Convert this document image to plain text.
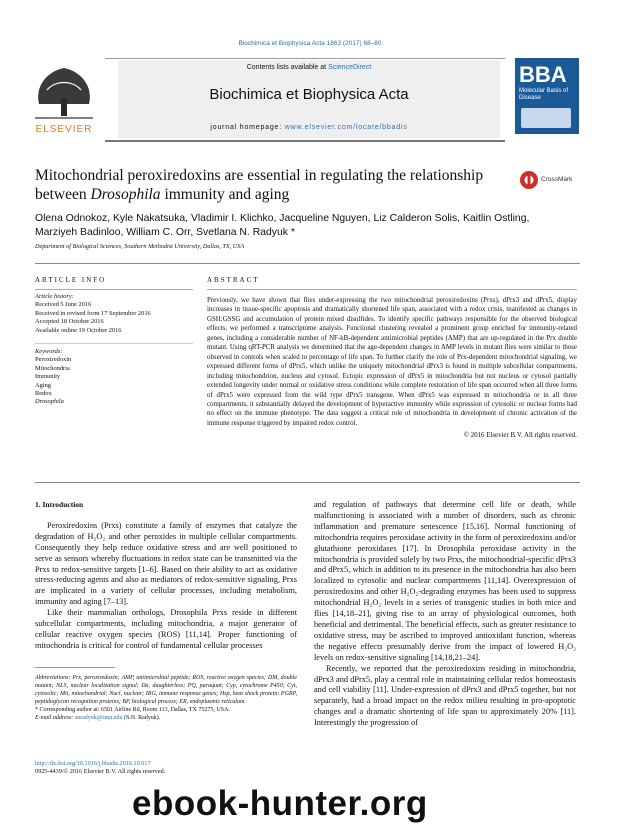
Biochimica et Biophysica Acta 1863 (2017) 68–80
ELSEVIER
Contents lists available at ScienceDirect
Biochimica et Biophysica Acta
journal homepage: www.elsevier.com/locate/bbadis
BBA
Molecular Basis of Disease
Mitochondrial peroxiredoxins are essential in regulating the relationship
between Drosophila immunity and aging
CrossMark
Olena Odnokoz, Kyle Nakatsuka, Vladimir I. Klichko, Jacqueline Nguyen, Liz Calderon Solis, Kaitlin Ostling,
Marziyeh Badinloo, William C. Orr, Svetlana N. Radyuk *
Department of Biological Sciences, Southern Methodist University, Dallas, TX, USA
ARTICLE INFO
Article history:
Received 5 June 2016
Received in revised form 17 September 2016
Accepted 18 October 2016
Available online 19 October 2016
Keywords:
Peroxiredoxin
Mitochondria
Immunity
Aging
Redox
Drosophila
ABSTRACT
Previously, we have shown that flies under-expressing the two mitochondrial peroxiredoxins (Prxs), dPrx3 and dPrx5, display increases in tissue-specific apoptosis and dramatically shortened life span, associated with a redox crisis, manifested as changes in GSH:GSSG and accumulation of protein mixed disulfides. To identify specific pathways responsible for the observed biological effects, we performed a transcriptome analysis. Functional clustering revealed a prominent group enriched for immunity-related genes, including a considerable number of NF-kB-dependent antimicrobial peptides (AMP) that are up-regulated in the Prx double mutant. Using qRT-PCR analysis we determined that the age-dependent changes in AMP levels in mutant flies were similar to those observed in controls when scaled to percentage of life span. To further clarify the role of Prx-dependent mitochondrial signaling, we expressed different forms of dPrx5, which unlike the uniquely mitochondrial dPrx3 is found in multiple subcellular compartments, including mitochondrion, nucleus and cytosol. Ectopic expression of dPrx5 in mitochondria but not nucleus or cytosol partially extended longevity under normal or oxidative stress conditions while complete restoration of life span occurred when all three forms of dPrx5 were expressed from the wild type dPrx5 transgene. When dPrx5 was expressed in mitochondria or in all three compartments, it substantially delayed the development of hyperactive immunity while expression of cytosolic or nuclear forms had no effect on the immune phenotype. The data suggest a critical role of mitochondria in development of chronic activation of the immune response triggered by impaired redox control.
© 2016 Elsevier B.V. All rights reserved.
1. Introduction

Peroxiredoxins (Prxs) constitute a family of enzymes that catalyze the degradation of H₂O₂ and other peroxides in multiple cellular compartments. Consequently they help reduce oxidative stress and are well positioned to serve as sensors whereby fluctuations in redox state can be transmitted via the Prxs to redox-sensitive targets [1–6]. Based on their ability to act as oxidative stress-reducing agents and also as mediators of redox-sensitive signaling, Prxs are implicated in a variety of cellular processes, including metabolism, immunity and aging [7–13].

Like their mammalian orthologs, Drosophila Prxs reside in different subcellular compartments, including mitochondria, a major generator of cellular reactive oxygen species (ROS) [11,14]. Proper functioning of mitochondria is critical for control of fundamental cellular processes

Abbreviations: Prx, peroxiredoxin; AMP, antimicrobial peptide; ROS, reactive oxygen species; DM, double mutant; NLS, nuclear localization signal; Da, daughterless; PQ, paraquat; Cyp, cytochrome P450; Cyt, cytosolic; Mit, mitochondrial; Nucl, nuclear; IRG, immune response genes; Hsp, heat shock protein; PGRP, peptidoglycan recognition proteins; BP, biological process; ER, endoplasmic reticulum.
* Corresponding author at: 6501 Airline Rd, Room 113, Dallas, TX 75275, USA.
E-mail address: snradyuk@smu.edu (S.N. Radyuk).
http://dx.doi.org/10.1016/j.bbadis.2016.10.017
0925-4439/© 2016 Elsevier B.V. All rights reserved.

and regulation of pathways that determine cell life or death, while malfunctioning is associated with a number of disorders, such as chronic inflammation and premature senescence [15,16]. Normal functioning of mitochondria requires peroxidase activity in the form of peroxiredoxins and/or glutathione peroxidases [17]. In Drosophila peroxidase activity in the mitochondria is provided solely by two Prxs, the mitochondrial-specific dPrx3 and dPrx5, which in addition to its presence in the mitochondria has also been localized to cytosolic and nuclear compartments [11,14]. Overexpression of peroxiredoxins and other H₂O₂-degrading enzymes has been used to suppress mitochondrial H₂O₂ levels in a series of transgenic studies in both mice and flies [14,18–21], giving rise to an array of physiological outcomes, both beneficial and detrimental. The beneficial effects, such as greater resistance to oxidative stress, may be ascribed to improved antioxidant function, whereas the negative effects presumably derive from the impact of lowered H₂O₂ levels on redox-sensitive signaling [14,18,21–24].

Recently, we reported that the peroxiredoxins residing in mitochondria, dPrx3 and dPrx5, play a central role in maintaining cellular redox homeostasis and cell viability [11]. Under-expression of dPrx3 and dPrx5 together, but not separately, had a broad impact on the redox milieu resulting in pro-apoptotic changes and a dramatic shortening of life span to approximately 20% [11]. Interestingly the progression of

ebook-hunter.org
